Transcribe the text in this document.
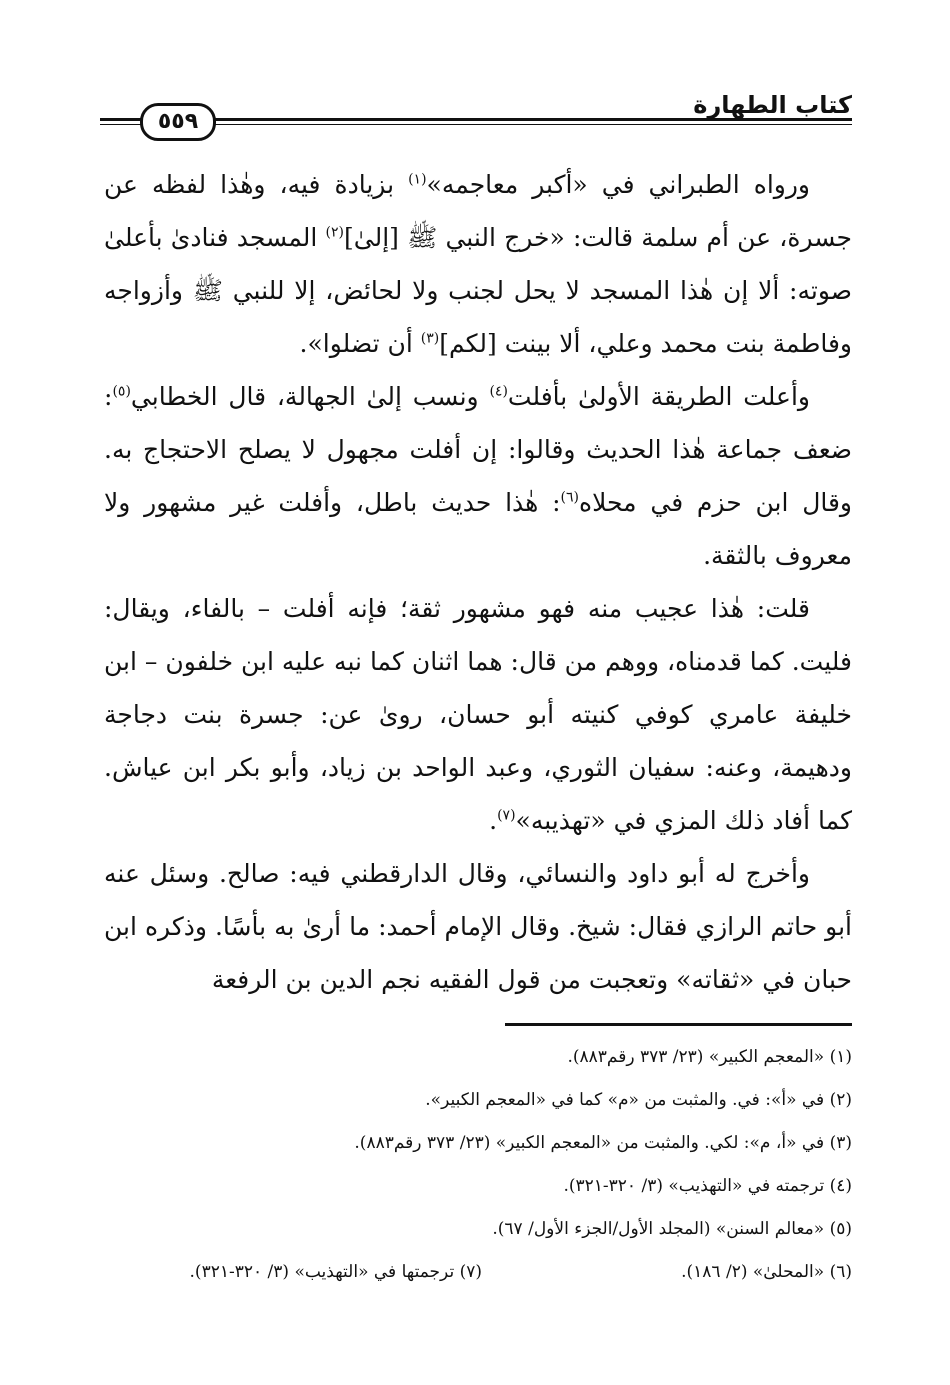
كتاب الطهارة
٥٥٩

ورواه الطبراني في «أكبر معاجمه»$^{(١)}$ بزيادة فيه، وهٰذا لفظه عن جسرة، عن أم سلمة قالت: «خرج النبي ﷺ [إلىٰ]$^{(٢)}$ المسجد فنادىٰ بأعلىٰ صوته: ألا إن هٰذا المسجد لا يحل لجنب ولا لحائض، إلا للنبي ﷺ وأزواجه وفاطمة بنت محمد وعلي، ألا بينت [لكم]$^{(٣)}$ أن تضلوا».

وأعلت الطريقة الأولىٰ بأفلت$^{(٤)}$ ونسب إلىٰ الجهالة، قال الخطابي$^{(٥)}$: ضعف جماعة هٰذا الحديث وقالوا: إن أفلت مجهول لا يصلح الاحتجاج به. وقال ابن حزم في محلاه$^{(٦)}$: هٰذا حديث باطل، وأفلت غير مشهور ولا معروف بالثقة.

قلت: هٰذا عجيب منه فهو مشهور ثقة؛ فإنه أفلت – بالفاء، ويقال: فليت. كما قدمناه، ووهم من قال: هما اثنان كما نبه عليه ابن خلفون – ابن خليفة عامري كوفي كنيته أبو حسان، روىٰ عن: جسرة بنت دجاجة ودهيمة، وعنه: سفيان الثوري، وعبد الواحد بن زياد، وأبو بكر ابن عياش. كما أفاد ذلك المزي في «تهذيبه»$^{(٧)}$.

وأخرج له أبو داود والنسائي، وقال الدارقطني فيه: صالح. وسئل عنه أبو حاتم الرازي فقال: شيخ. وقال الإمام أحمد: ما أرىٰ به بأسًا. وذكره ابن حبان في «ثقاته» وتعجبت من قول الفقيه نجم الدين بن الرفعة

(١) «المعجم الكبير» (٢٣/ ٣٧٣ رقم٨٨٣).
(٢) في «أ»: في. والمثبت من «م» كما في «المعجم الكبير».
(٣) في «أ، م»: لكي. والمثبت من «المعجم الكبير» (٢٣/ ٣٧٣ رقم٨٨٣).
(٤) ترجمته في «التهذيب» (٣/ ٣٢٠-٣٢١).
(٥) «معالم السنن» (المجلد الأول/الجزء الأول/ ٦٧).
(٦) «المحلىٰ» (٢/ ١٨٦).
(٧) ترجمتها في «التهذيب» (٣/ ٣٢٠-٣٢١).
